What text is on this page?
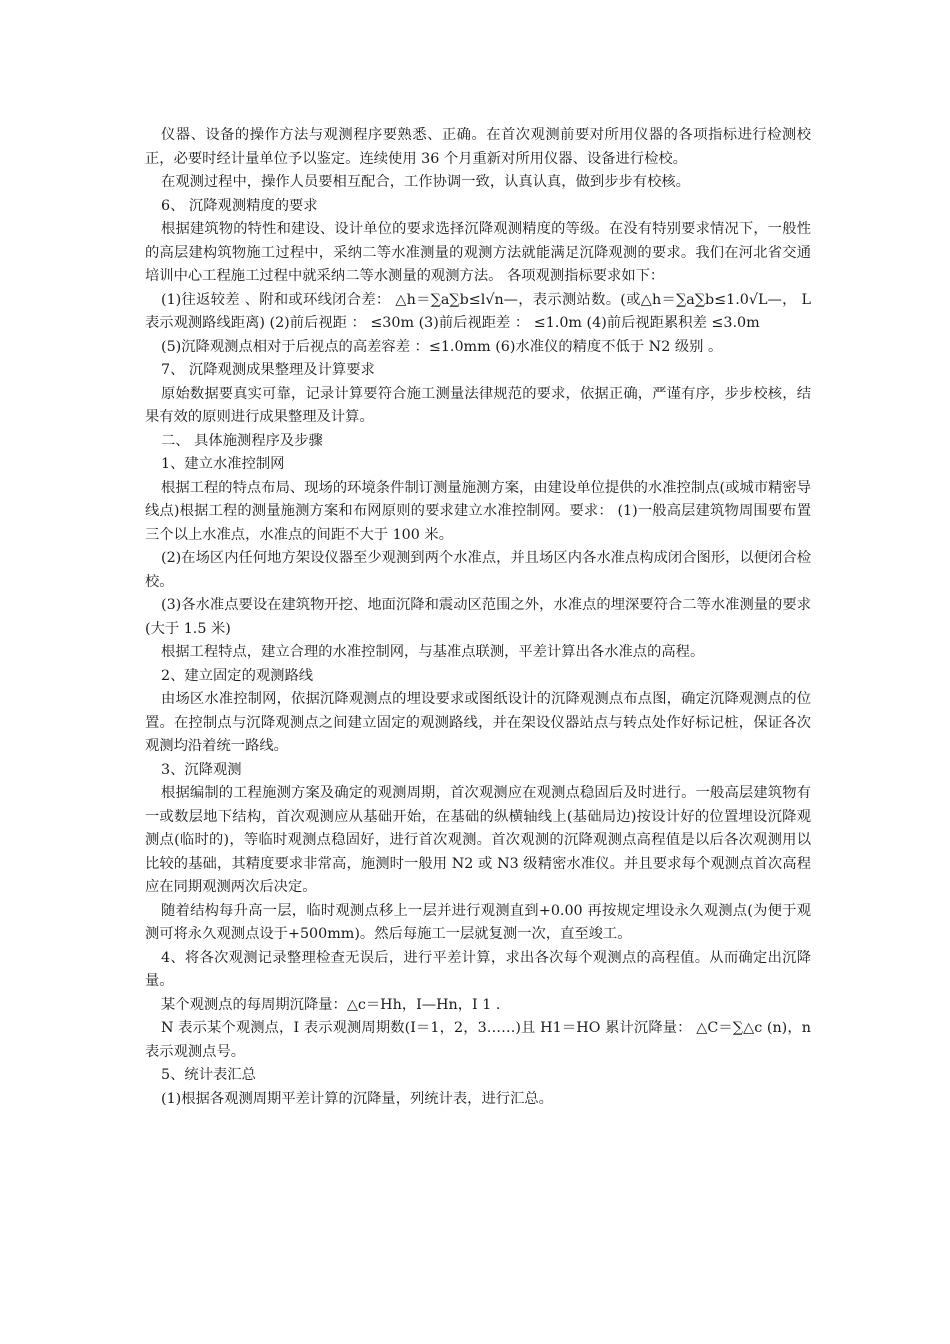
仪器、设备的操作方法与观测程序要熟悉、正确。在首次观测前要对所用仪器的各项指标进行检测校正，必要时经计量单位予以鉴定。连续使用 36 个月重新对所用仪器、设备进行检校。

在观测过程中，操作人员要相互配合，工作协调一致，认真认真，做到步步有校核。

6、 沉降观测精度的要求

根据建筑物的特性和建设、设计单位的要求选择沉降观测精度的等级。在没有特别要求情况下，一般性的高层建构筑物施工过程中，采纳二等水准测量的观测方法就能满足沉降观测的要求。我们在河北省交通培训中心工程施工过程中就采纳二等水测量的观测方法。 各项观测指标要求如下：

(1)往返较差 、附和或环线闭合差： △h＝∑a∑b≤l√n—，表示测站数。(或△h＝∑a∑b≤1.0√L—， L 表示观测路线距离) (2)前后视距 ： ≤30m (3)前后视距差 ： ≤1.0m (4)前后视距累积差 ≤3.0m

(5)沉降观测点相对于后视点的高差容差 ：≤1.0mm (6)水准仪的精度不低于 N2 级别 。

7、 沉降观测成果整理及计算要求

原始数据要真实可靠，记录计算要符合施工测量法律规范的要求，依据正确，严谨有序，步步校核，结果有效的原则进行成果整理及计算。

二、 具体施测程序及步骤

1、建立水准控制网

根据工程的特点布局、现场的环境条件制订测量施测方案，由建设单位提供的水准控制点(或城市精密导线点)根据工程的测量施测方案和布网原则的要求建立水准控制网。要求： (1)一般高层建筑物周围要布置三个以上水准点，水准点的间距不大于 100 米。

(2)在场区内任何地方架设仪器至少观测到两个水准点，并且场区内各水准点构成闭合图形，以便闭合检校。

(3)各水准点要设在建筑物开挖、地面沉降和震动区范围之外，水准点的埋深要符合二等水准测量的要求(大于 1.5 米)

根据工程特点，建立合理的水准控制网，与基准点联测，平差计算出各水准点的高程。

2、建立固定的观测路线

由场区水准控制网，依据沉降观测点的埋设要求或图纸设计的沉降观测点布点图，确定沉降观测点的位置。在控制点与沉降观测点之间建立固定的观测路线，并在架设仪器站点与转点处作好标记桩，保证各次观测均沿着统一路线。

3、沉降观测

根据编制的工程施测方案及确定的观测周期，首次观测应在观测点稳固后及时进行。一般高层建筑物有一或数层地下结构，首次观测应从基础开始，在基础的纵横轴线上(基础局边)按设计好的位置埋设沉降观测点(临时的)，等临时观测点稳固好，进行首次观测。首次观测的沉降观测点高程值是以后各次观测用以比较的基础，其精度要求非常高，施测时一般用 N2 或 N3 级精密水准仪。并且要求每个观测点首次高程应在同期观测两次后决定。

随着结构每升高一层，临时观测点移上一层并进行观测直到+0.00 再按规定埋设永久观测点(为便于观测可将永久观测点设于+500mm)。然后每施工一层就复测一次，直至竣工。

4、将各次观测记录整理检查无误后，进行平差计算，求出各次每个观测点的高程值。从而确定出沉降量。

某个观测点的每周期沉降量：△c＝Hh，I—Hn，I 1 .

N 表示某个观测点，I 表示观测周期数(I＝1，2，3……)且 H1＝HO 累计沉降量： △C＝∑△c (n)，n 表示观测点号。

5、统计表汇总

(1)根据各观测周期平差计算的沉降量，列统计表，进行汇总。
